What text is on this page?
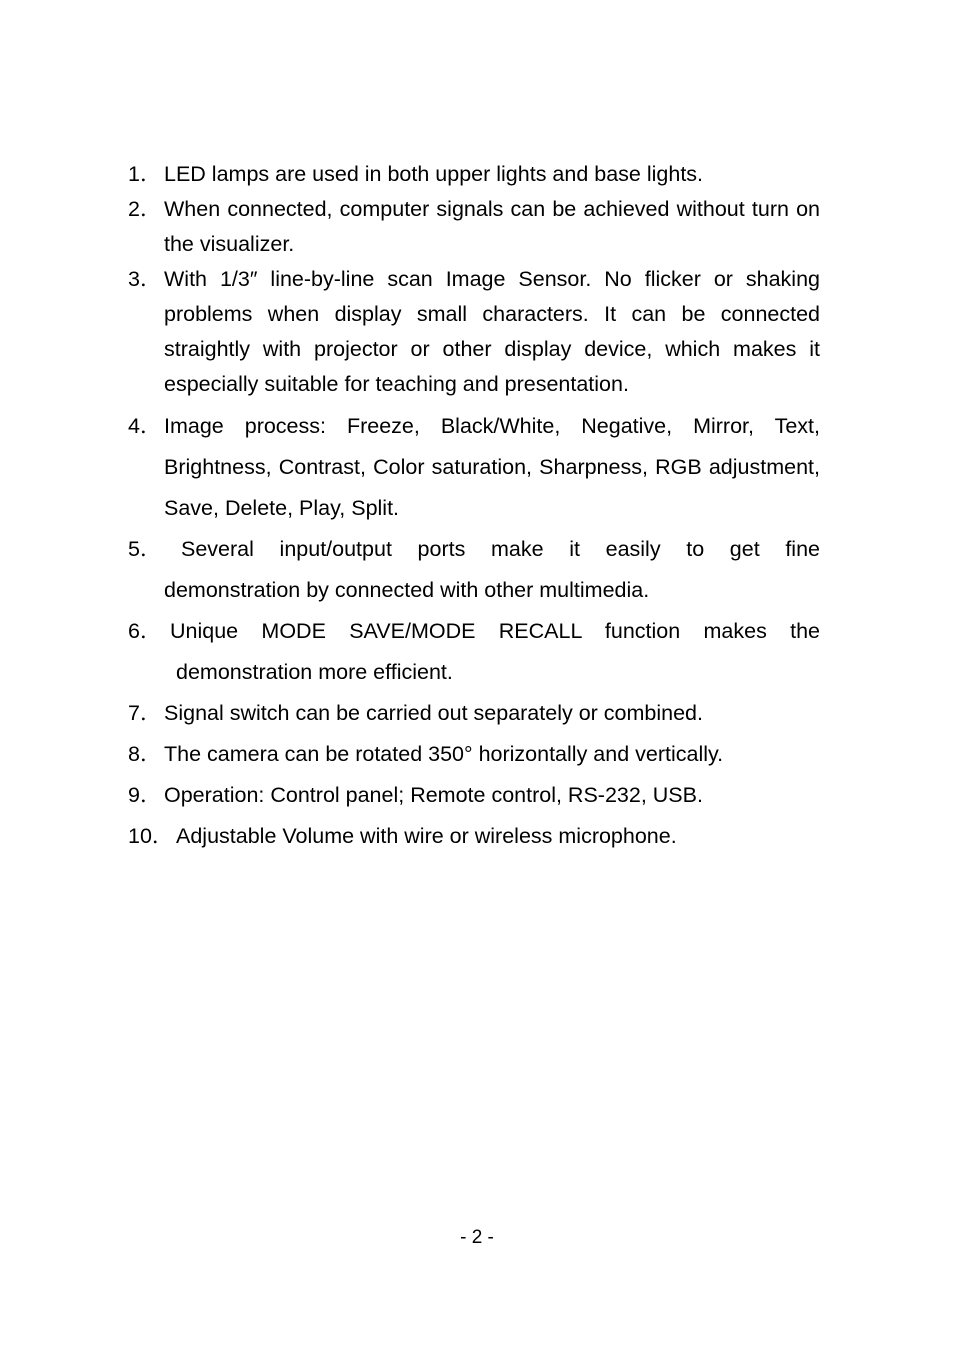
1． LED lamps are used in both upper lights and base lights.
2． When connected, computer signals can be achieved without turn on the visualizer.
3． With 1/3″ line-by-line scan Image Sensor. No flicker or shaking problems when display small characters. It can be connected straightly with projector or other display device, which makes it especially suitable for teaching and presentation.
4． Image process: Freeze, Black/White, Negative, Mirror, Text, Brightness, Contrast, Color saturation, Sharpness, RGB adjustment, Save, Delete, Play, Split.
5． Several input/output ports make it easily to get fine
demonstration by connected with other multimedia.
6． Unique MODE SAVE/MODE RECALL function makes the
demonstration more efficient.
7． Signal switch can be carried out separately or combined.
8． The camera can be rotated 350° horizontally and vertically.
9． Operation: Control panel; Remote control, RS-232, USB.
10． Adjustable Volume with wire or wireless microphone.
- 2 -
